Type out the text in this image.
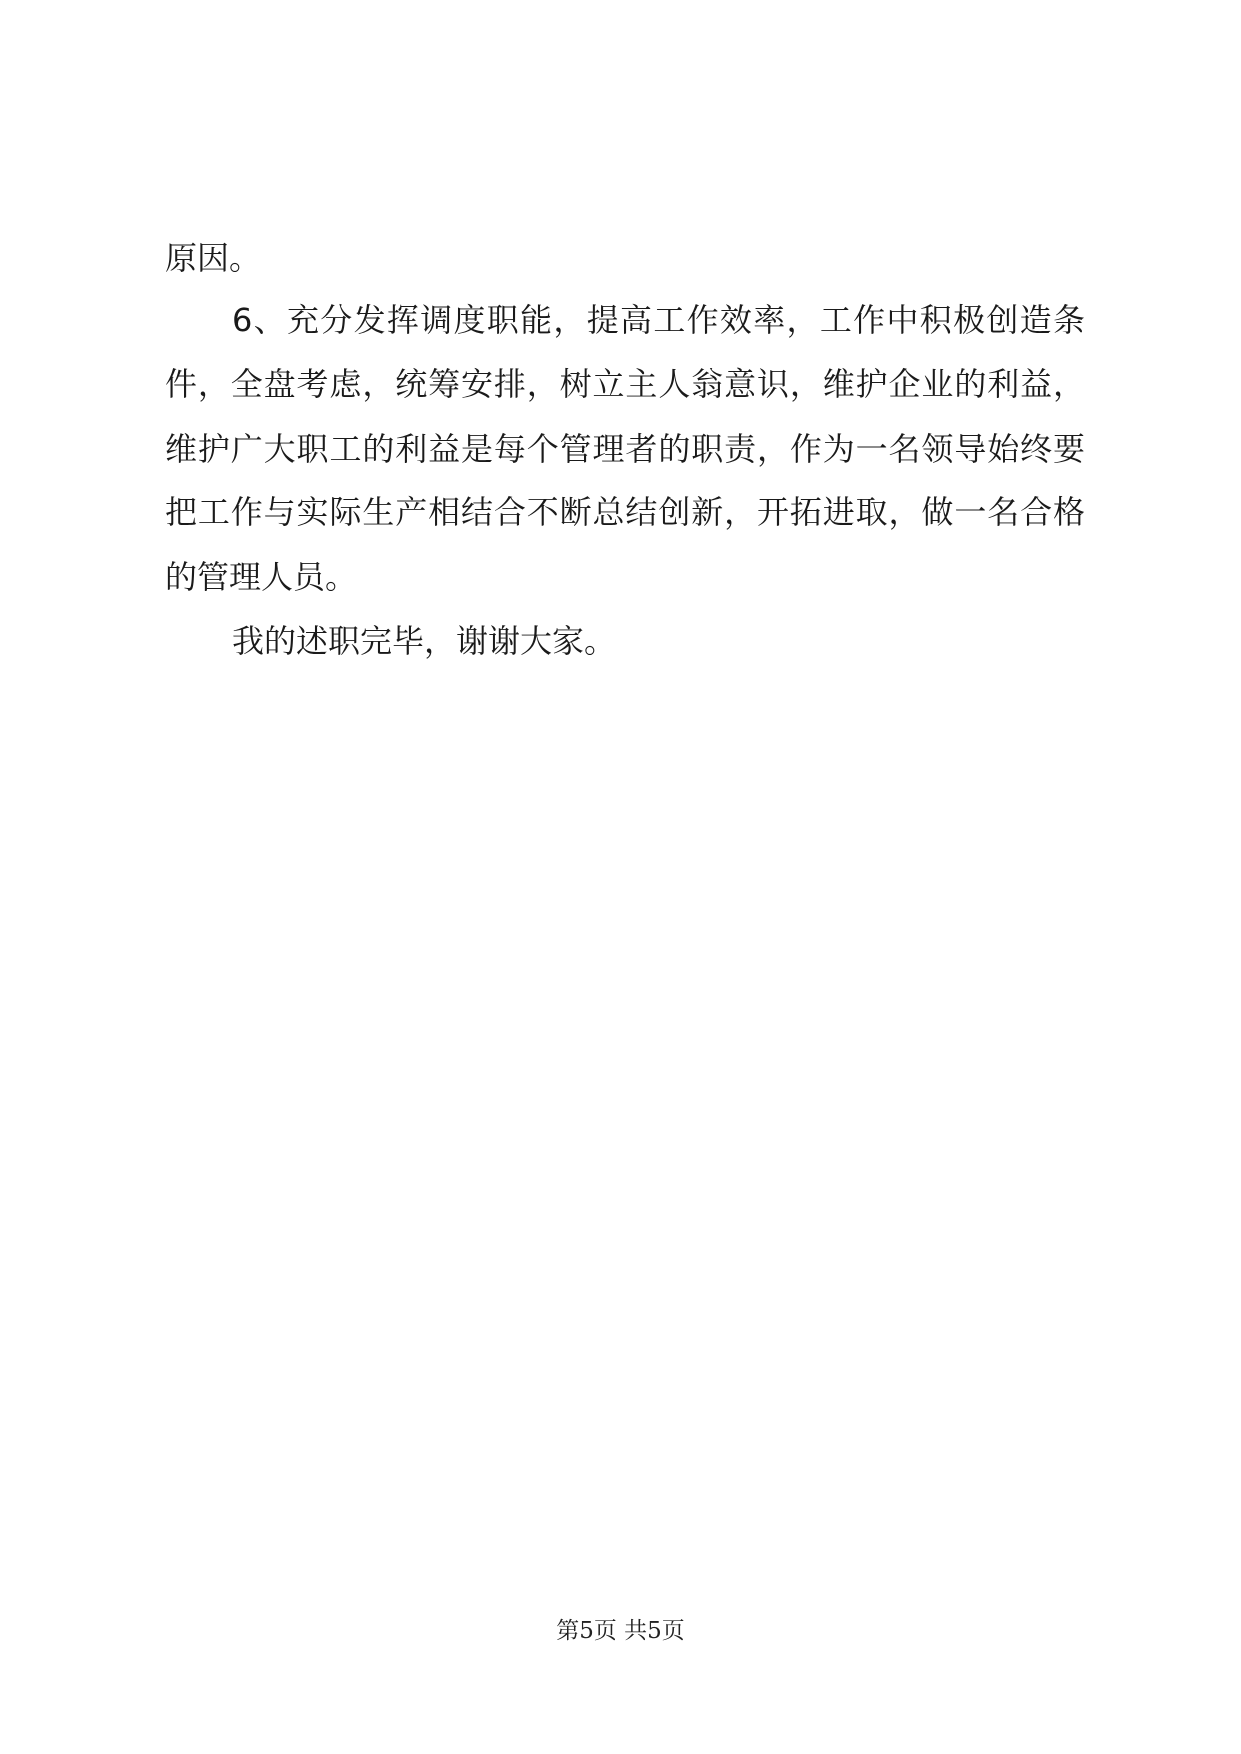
原因。
6、充分发挥调度职能，提高工作效率，工作中积极创造条
件，全盘考虑，统筹安排，树立主人翁意识，维护企业的利益，
维护广大职工的利益是每个管理者的职责，作为一名领导始终要
把工作与实际生产相结合不断总结创新，开拓进取，做一名合格
的管理人员。
我的述职完毕，谢谢大家。
第5页 共5页
